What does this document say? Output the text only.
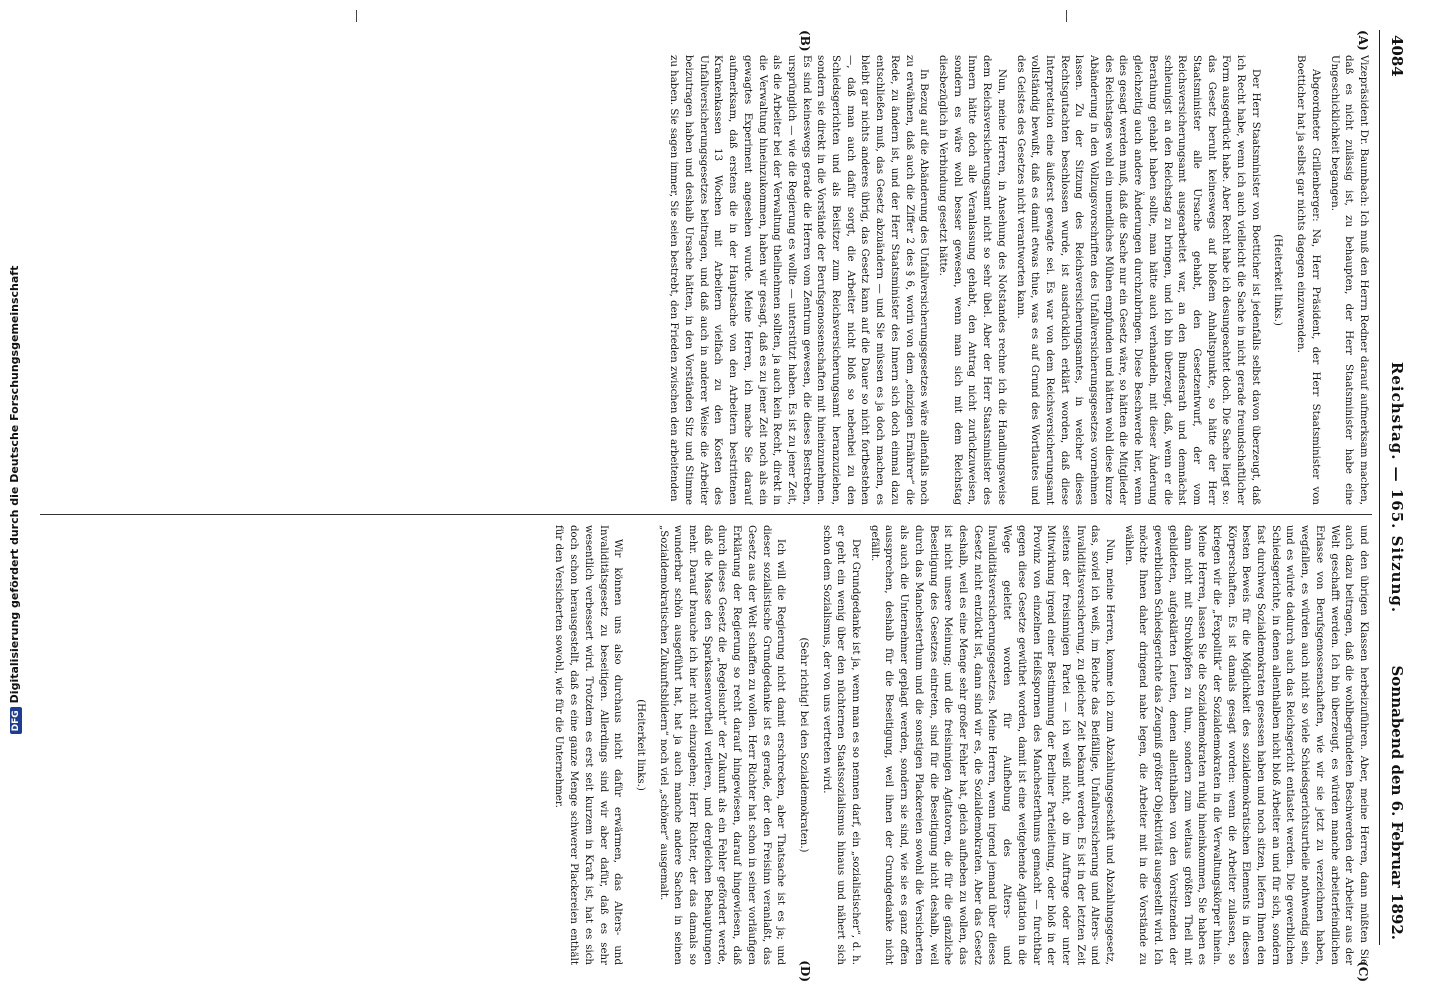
4084
Reichstag. — 165. Sitzung.
Sonnabend den 6. Februar 1892.
(A)
(B)
(C)
(D)

Vizepräsident Dr. Baumbach: Ich muß den Herrn Redner darauf aufmerksam machen, daß es nicht zulässig ist, zu behaupten, der Herr Staatsminister habe eine Ungeschicklichkeit begangen.

Abgeordneter Grillenberger: Na, Herr Präsident, der Herr Staatsminister von Boetticher hat ja selbst gar nichts dagegen einzuwenden.

(Heiterkeit links.)

Der Herr Staatsminister von Boetticher ist jedenfalls selbst davon überzeugt, daß ich Recht habe, wenn ich auch vielleicht die Sache in nicht gerade freundschaftlicher Form ausgedrückt habe. Aber Recht habe ich desungeachtet doch. Die Sache liegt so: das Gesetz beruht keineswegs auf bloßem Anhaltspunkte, so hätte der Herr Staatsminister alle Ursache gehabt, den Gesetzentwurf, der vom Reichsversicherungsamt ausgearbeitet war, an den Bundesrath und demnächst schleunigst an den Reichstag zu bringen, und ich bin überzeugt, daß, wenn er die Berathung gehabt haben sollte, man hätte auch verhandeln, mit dieser Änderung gleichzeitig auch andere Änderungen durchzubringen. Diese Beschwerde hier, wenn dies gesagt werden muß, daß die Sache nur ein Gesetz wäre, so hätten die Mitglieder des Reichstages wohl ein unendliches Mühen empfunden und hätten wohl diese kurze Abänderung in den Vollzugsvorschriften des Unfallversicherungsgesetzes vornehmen lassen. Zu der Sitzung des Reichsversicherungsamtes, in welcher dieses Rechtsgutachten beschlossen wurde, ist ausdrücklich erklärt worden, daß diese Interpretation eine äußerst gewagte sei. Es war von dem Reichsversicherungsamt vollständig bewußt, daß es damit etwas thue, was es auf Grund des Wortlautes und des Geistes des Gesetzes nicht verantworten kann.

Nun, meine Herren, in Ansehung des Notstandes rechne ich die Handlungsweise dem Reichsversicherungsamt nicht so sehr übel. Aber der Herr Staatsminister des Innern hätte doch alle Veranlassung gehabt, den Antrag nicht zurückzuweisen, sondern es wäre wohl besser gewesen, wenn man sich mit dem Reichstag diesbezüglich in Verbindung gesetzt hätte.

In Bezug auf die Abänderung des Unfallversicherungsgesetzes wäre allenfalls noch zu erwähnen, daß auch die Ziffer 2 des § 6, worin von dem „einzigen Ernährer“ die Rede, zu ändern ist, und der Herr Staatsminister des Innern sich doch einmal dazu entschließen muß, das Gesetz abzuändern — und Sie müssen es ja doch machen, es bleibt gar nichts anderes übrig, das Gesetz kann auf die Dauer so nicht fortbestehen —, daß man auch dafür sorgt, die Arbeiter nicht bloß so nebenbei zu den Schiedsgerichten und als Beisitzer zum Reichsversicherungsamt heranzuziehen, sondern sie direkt in die Vorstände der Berufsgenossenschaften mit hineinzunehmen. Es sind keineswegs gerade die Herren vom Zentrum gewesen, die dieses Bestreben, ursprünglich — wie die Regierung es wollte — unterstützt haben. Es ist zu jener Zeit, als die Arbeiter bei der Verwaltung theilnehmen sollten, ja auch kein Recht, direkt in die Verwaltung hineinzukommen, haben wir gesagt, daß es zu jener Zeit noch als ein gewagtes Experiment angesehen wurde. Meine Herren, ich mache Sie darauf aufmerksam, daß erstens die in der Hauptsache von den Arbeitern bestrittenen Krankenkassen 13 Wochen mit Arbeitern vielfach zu den Kosten des Unfallversicherungsgesetzes beitragen, und daß auch in anderer Weise die Arbeiter beizutragen haben und deshalb Ursache hätten, in den Vorständen Sitz und Stimme zu haben. Sie sagen immer, Sie seien bestrebt, den Frieden zwischen den arbeitenden

und den übrigen Klassen herbeizuführen. Aber, meine Herren, dann müßten Sie auch dazu beitragen, daß die wohlbegründeten Beschwerden der Arbeiter aus der Welt geschafft werden. Ich bin überzeugt, es würden manche arbeiterfeindlichen Erlasse von Berufsgenossenschaften, wie wir sie jetzt zu verzeichnen haben, wegfallen, es würden auch nicht so viele Schiedsgerichtsurtheile nothwendig sein, und es würde dadurch auch das Reichsgericht entlastet werden. Die gewerblichen Schiedsgerichte, in denen allenthalben nicht bloß Arbeiter an und für sich, sondern fast durchweg Sozialdemokraten gesessen haben und noch sitzen, liefern Ihnen den besten Beweis für die Möglichkeit des sozialdemokratischen Elements in diesen Körperschaften. Es ist damals gesagt worden: wenn die Arbeiter zulassen, so kriegen wir die „Fexpolitik“ der Sozialdemokraten in die Verwaltungskörper hinein. Meine Herren, lassen Sie die Sozialdemokraten ruhig hineinkommen, Sie haben es dann nicht mit Strohköpfen zu thun, sondern zum weitaus größten Theil mit gebildeten, aufgeklärten Leuten, denen allenthalben von den Vorsitzenden der gewerblichen Schiedsgerichte das Zeugniß größter Objektivität ausgestellt wird. Ich möchte Ihnen daher dringend nahe legen, die Arbeiter mit in die Vorstände zu wählen.

Nun, meine Herren, komme ich zum Abzahlungsgeschäft und Abzahlungsgesetz, das, soviel ich weiß, im Reiche das Beifällige, Unfallversicherung und Alters- und Invaliditätsversicherung, zu gleicher Zeit bekannt werden. Es ist in der letzten Zeit seitens der freisinnigen Partei — ich weiß nicht, ob im Auftrage oder unter Mitwirkung irgend einer Bestimmung der Berliner Parteileitung, oder bloß in der Provinz von einzelnen Heißspornen des Manchesterthums gemacht — furchtbar gegen diese Gesetze gewüthet worden, damit ist eine weitgehende Agitation in die Wege geleitet worden für Aufhebung des Alters- und Invaliditätsversicherungsgesetzes. Meine Herren, wenn irgend jemand über dieses Gesetz nicht entzückt ist, dann sind wir es, die Sozialdemokraten. Aber das Gesetz deshalb, weil es eine Menge sehr großer Fehler hat, gleich aufheben zu wollen, das ist nicht unsere Meinung; und die freisinnigen Agitatoren, die für die gänzliche Beseitigung des Gesetzes eintreten, sind für die Beseitigung nicht deshalb, weil durch das Manchesterthum und die sonstigen Plackereien sowohl die Versicherten als auch die Unternehmer geplagt werden, sondern sie sind, wie sie es ganz offen aussprechen, deshalb für die Beseitigung, weil ihnen der Grundgedanke nicht gefällt.

Der Grundgedanke ist ja, wenn man es so nennen darf, ein „sozialistischer“, d. h. er geht ein wenig über den nüchternen Staatssozialismus hinaus und nähert sich schon dem Sozialismus, der von uns vertreten wird.

(Sehr richtig! bei den Sozialdemokraten.)

Ich will die Regierung nicht damit erschrecken, aber Thatsache ist es ja; und dieser sozialistische Grundgedanke ist es gerade, der den Freisinn veranlaßt, das Gesetz aus der Welt schaffen zu wollen. Herr Richter hat schon in seiner vorläufigen Erklärung der Regierung so recht darauf hingewiesen, darauf hingewiesen, daß durch dieses Gesetz die „Regelsucht“ der Zukunft als ein Fehler gefördert werde, daß die Masse den Sparkassenvortheil verlieren, und dergleichen Behauptungen mehr. Darauf brauche ich hier nicht einzugehen; Herr Richter, der das damals so wunderbar schön ausgeführt hat, hat ja auch manche andere Sachen in seinen „Sozialdemokratischen Zukunftsbildern“ noch viel „schöner“ ausgemalt.

(Heiterkeit links.)

Wir können uns also durchaus nicht dafür erwärmen, das Alters- und Invaliditätsgesetz zu beseitigen. Allerdings sind wir aber dafür, daß es sehr wesentlich verbessert wird. Trotzdem es erst seit kurzem in Kraft ist, hat es sich doch schon herausgestellt, daß es eine ganze Menge schwerer Plackereien enthält für den Versicherten sowohl, wie für die Unternehmer.

DFGDigitalisierung gefördert durch die Deutsche Forschungsgemeinschaft
